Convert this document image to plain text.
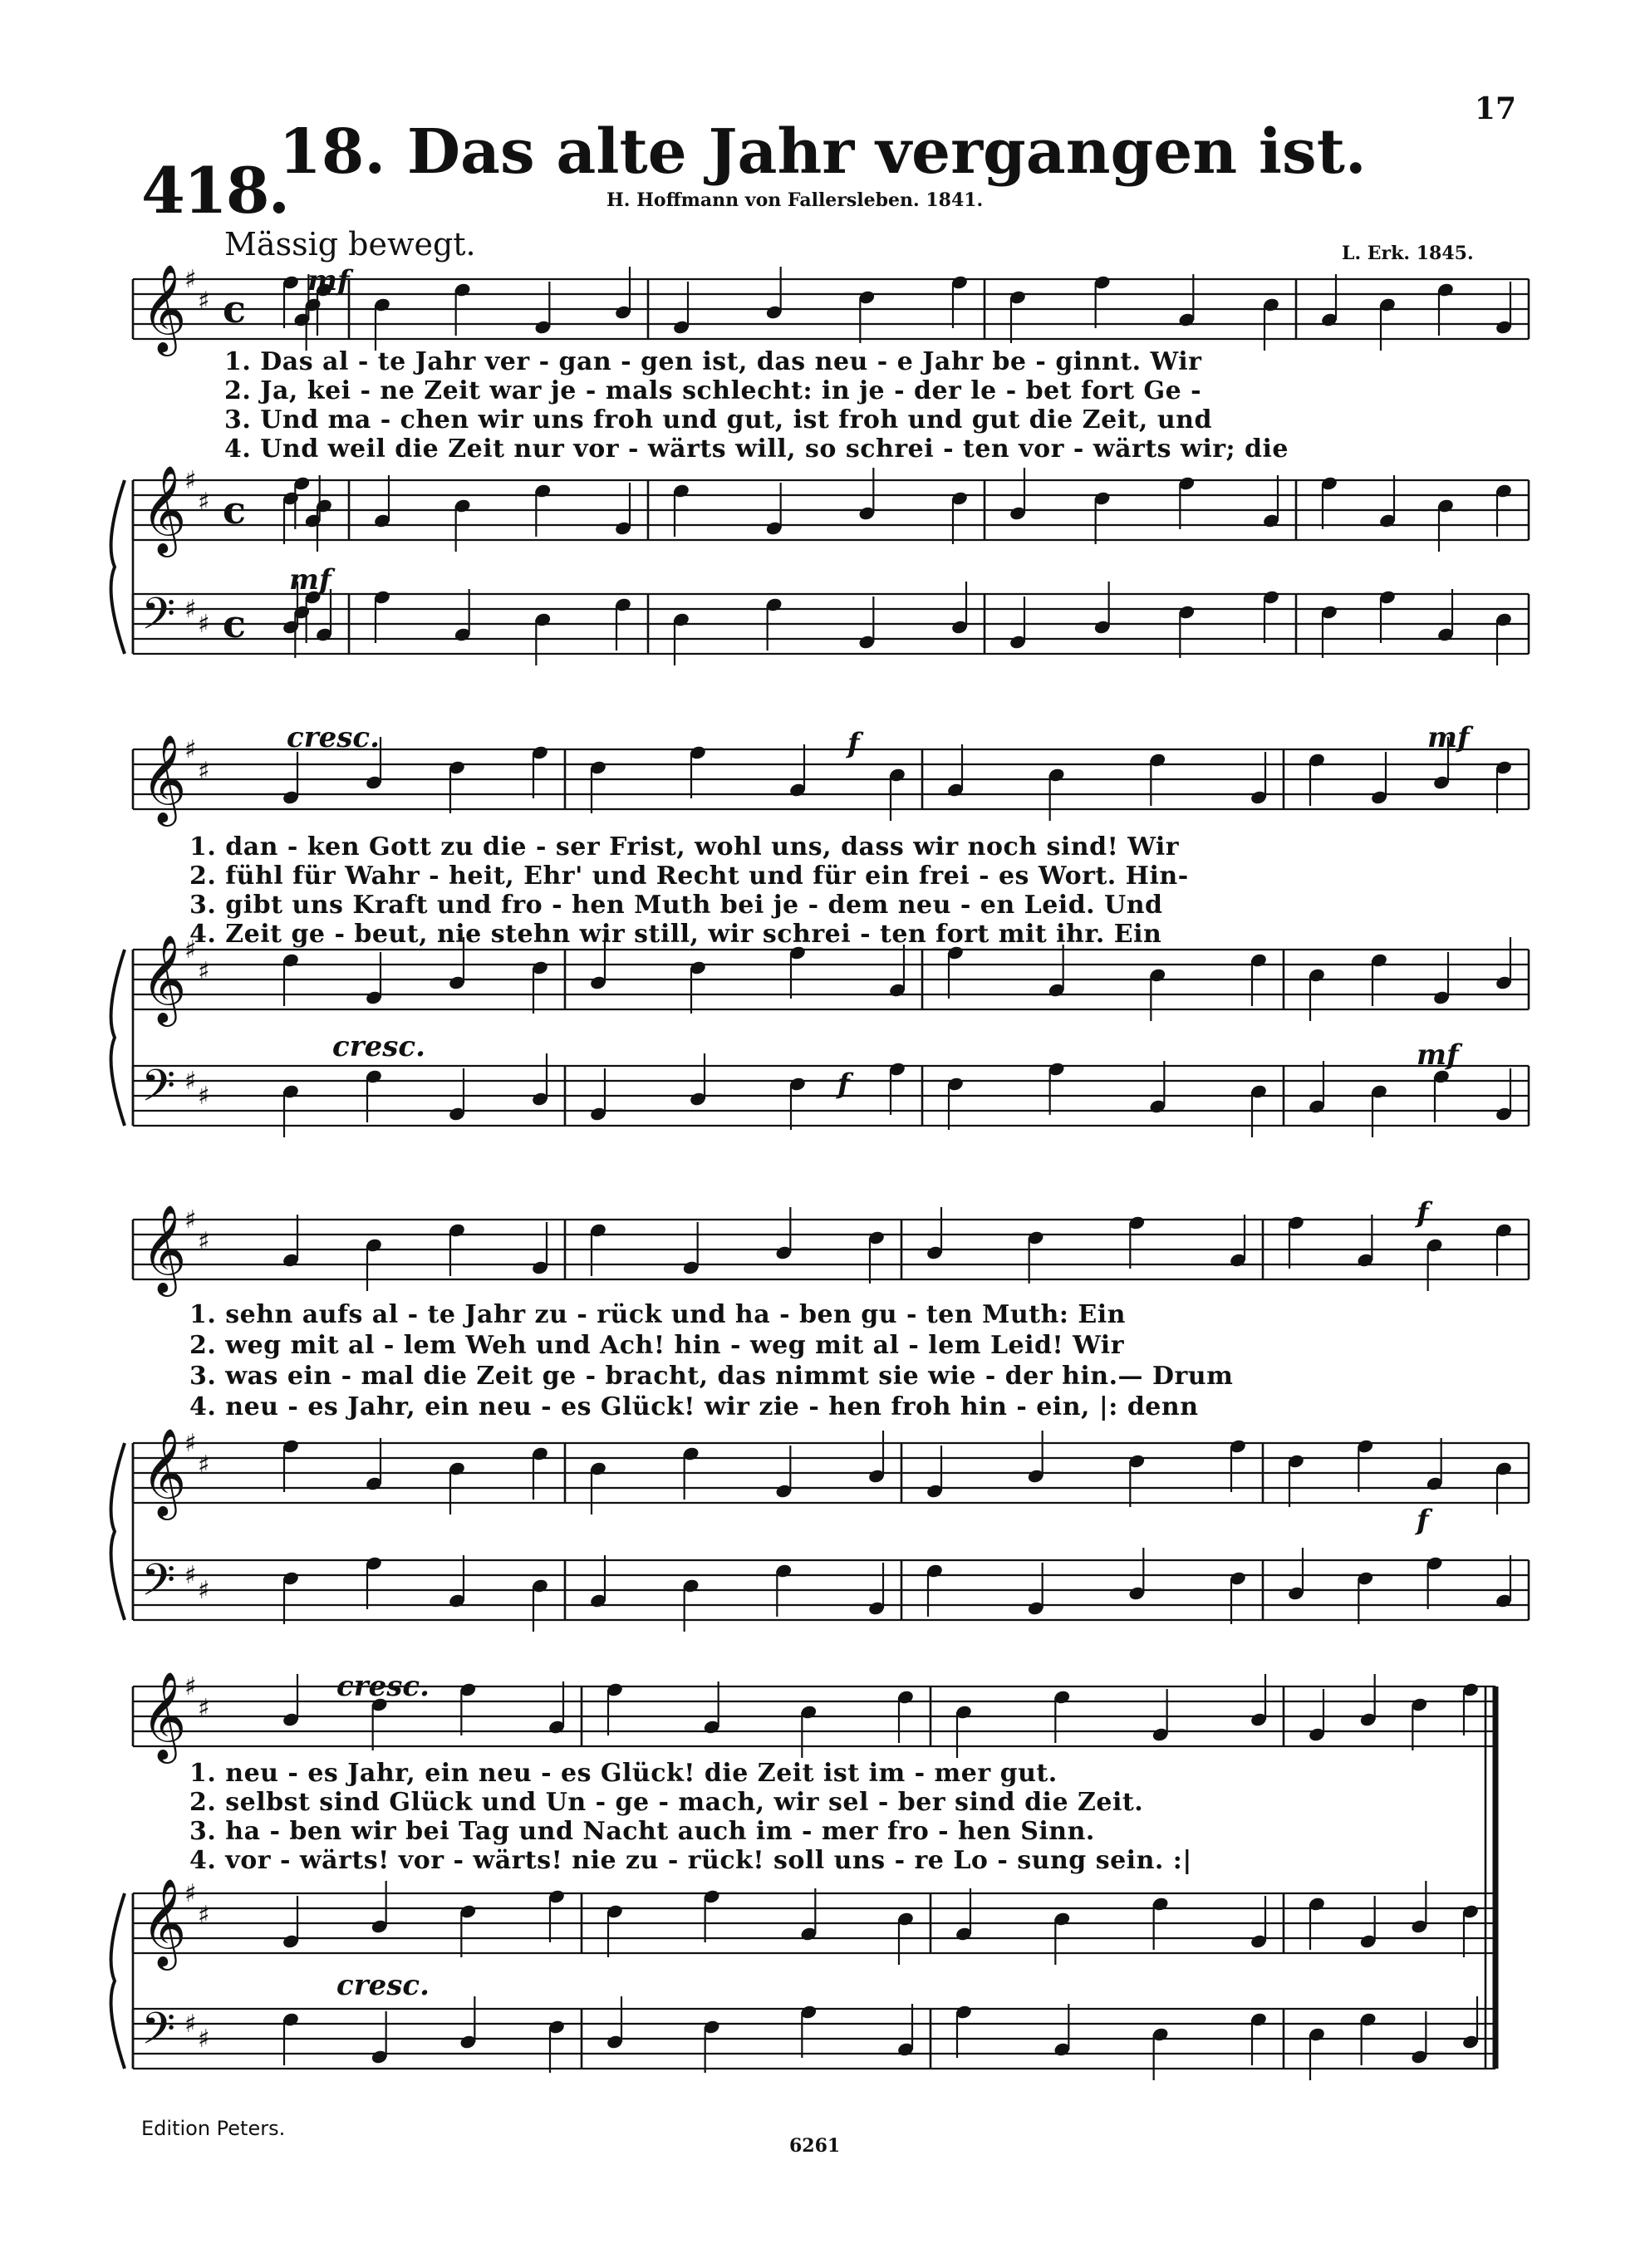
17
418.
18. Das alte Jahr vergangen ist.
H. Hoffmann von Fallersleben. 1841.
Mässig bewegt.	L. Erk. 1845.
Edition Peters.
6261
𝄞
♯
♯ c
𝄞
♯
♯ c
𝄢 ♯
♯ c
𝄞
♯
♯
𝄞
♯
♯
𝄢 ♯
♯
𝄞
♯
♯
𝄞
♯
♯
𝄢 ♯
♯
𝄞
♯
♯
𝄞
♯
♯
𝄢 ♯
♯
1. Das al - te Jahr ver - gan - gen ist, das neu - e Jahr be - ginnt. Wir
2. Ja, kei - ne Zeit war je - mals schlecht: in je - der le - bet fort Ge -
3. Und ma - chen wir uns froh und gut, ist froh und gut die Zeit, und
4. Und weil die Zeit nur vor - wärts will, so schrei - ten vor - wärts wir; die
1. dan - ken Gott zu die - ser Frist, wohl uns, dass wir noch sind! Wir
2. fühl für Wahr - heit, Ehr' und Recht und für ein frei - es Wort. Hin-
3. gibt uns Kraft und fro - hen Muth bei je - dem neu - en Leid. Und
4. Zeit ge - beut, nie stehn wir still, wir schrei - ten fort mit ihr. Ein
1. sehn aufs al - te Jahr zu - rück und ha - ben gu - ten Muth: Ein
2. weg mit al - lem Weh und Ach! hin - weg mit al - lem Leid! Wir
3. was ein - mal die Zeit ge - bracht, das nimmt sie wie - der hin.— Drum
4. neu - es Jahr, ein neu - es Glück! wir zie - hen froh hin - ein, |: denn
1. neu - es Jahr, ein neu - es Glück! die Zeit ist im - mer gut.
2. selbst sind Glück und Un - ge - mach, wir sel - ber sind die Zeit.
3. ha - ben wir bei Tag und Nacht auch im - mer fro - hen Sinn.
4. vor - wärts! vor - wärts! nie zu - rück! soll uns - re Lo - sung sein. :|
mf
mf
cresc.	f	mf
cresc.
f
mf
f
f
cresc.
cresc.
